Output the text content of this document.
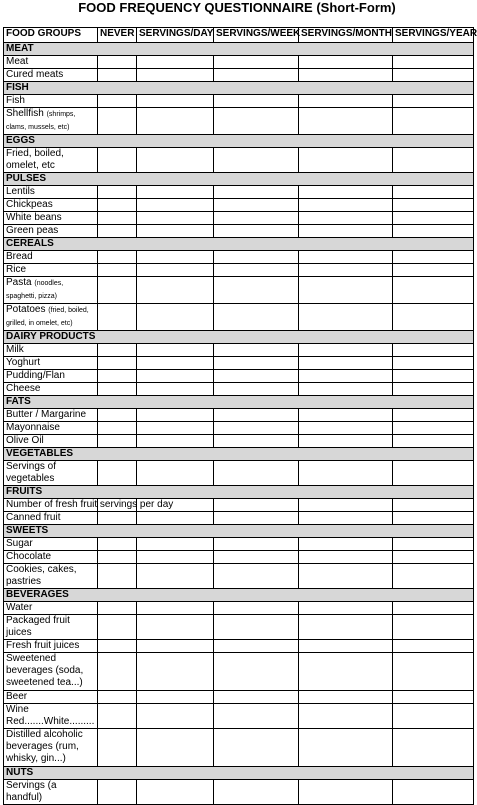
FOOD FREQUENCY QUESTIONNAIRE (Short-Form)
FOOD GROUPS	NEVER	SERVINGS/DAY	SERVINGS/WEEK	SERVINGS/MONTH	SERVINGS/YEAR
MEAT					
Meat					
Cured meats					
FISH					
Fish					
Shellfish (shrimps, clams, mussels, etc)					
EGGS					
Fried, boiled, omelet, etc					
PULSES					
Lentils					
Chickpeas					
White beans					
Green peas					
CEREALS					
Bread					
Rice					
Pasta (noodles, spaghetti, pizza)					
Potatoes (fried, boiled, grilled, in omelet, etc)					
DAIRY PRODUCTS					
Milk					
Yoghurt					
Pudding/Flan					
Cheese					
FATS					
Butter / Margarine					
Mayonnaise					
Olive Oil					
VEGETABLES					
Servings of vegetables					
FRUITS					
Number of fresh fruit servings per day					
Canned fruit					
SWEETS					
Sugar					
Chocolate					
Cookies, cakes, pastries					
BEVERAGES					
Water					
Packaged fruit juices					
Fresh fruit juices					
Sweetened beverages (soda, sweetened tea...)					
Beer					
Wine Red.......White.........					
Distilled alcoholic beverages (rum, whisky, gin...)					
NUTS					
Servings (a handful)					
